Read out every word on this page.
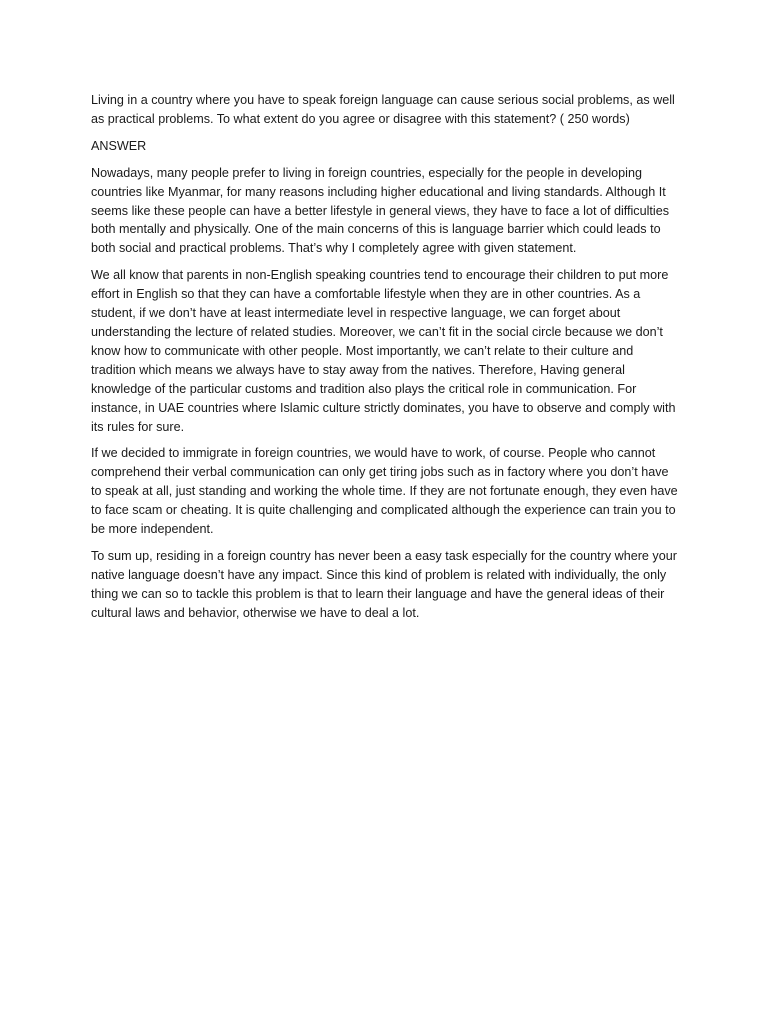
Living in a country where you have to speak foreign language can cause serious social problems, as well as practical problems. To what extent do you agree or disagree with this statement? ( 250 words)

ANSWER

Nowadays, many people prefer to living in foreign countries, especially for the people in developing countries like Myanmar, for many reasons including higher educational and living standards. Although It seems like these people can have a better lifestyle in general views, they have to face a lot of difficulties both mentally and physically. One of the main concerns of this is language barrier which could leads to both social and practical problems. That’s why I completely agree with given statement.

We all know that parents in non-English speaking countries tend to encourage their children to put more effort in English so that they can have a comfortable lifestyle when they are in other countries. As a student, if we don’t have at least intermediate level in respective language, we can forget about understanding the lecture of related studies. Moreover, we can’t fit in the social circle because we don’t know how to communicate with other people. Most importantly, we can’t relate to their culture and tradition which means we always have to stay away from the natives. Therefore, Having general knowledge of the particular customs and tradition also plays the critical role in communication. For instance, in UAE countries where Islamic culture strictly dominates, you have to observe and comply with its rules for sure.

If we decided to immigrate in foreign countries, we would have to work, of course. People who cannot comprehend their verbal communication can only get tiring jobs such as in factory where you don’t have to speak at all, just standing and working the whole time. If they are not fortunate enough, they even have to face scam or cheating. It is quite challenging and complicated although the experience can train you to be more independent.

To sum up, residing in a foreign country has never been a easy task especially for the country where your native language doesn’t have any impact. Since this kind of problem is related with individually, the only thing we can so to tackle this problem is that to learn their language and have the general ideas of their cultural laws and behavior, otherwise we have to deal a lot.
